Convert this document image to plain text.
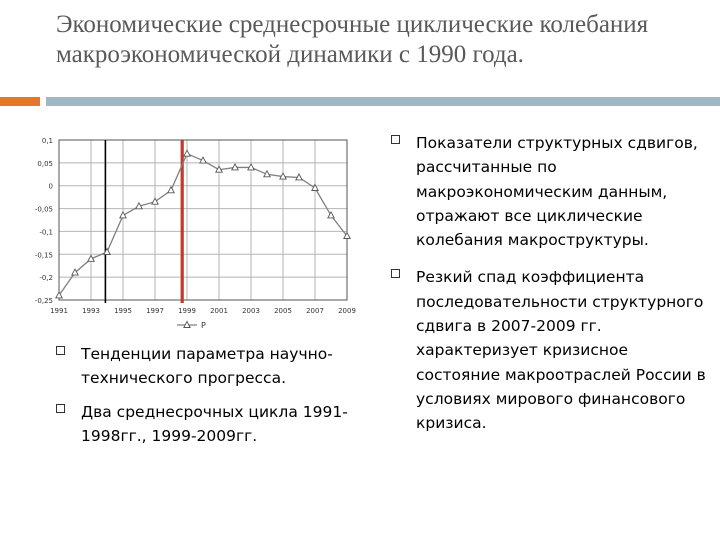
Экономические среднесрочные циклические колебания макроэкономической динамики с 1990 года.
0,1
0,05
0
-0,05
-0,1
-0,15
-0,2
-0,25
1991 1993 1995 1997 1999 2001 2003 2005 2007 2009
P
Тенденции параметра научно-технического прогресса.
Два среднесрочных цикла 1991-1998гг., 1999-2009гг.
Показатели структурных сдвигов, рассчитанные по макроэкономическим данным, отражают все циклические колебания макроструктуры.
Резкий спад коэффициента последовательности структурного сдвига в 2007-2009 гг. характеризует кризисное состояние макроотраслей России в условиях мирового финансового кризиса.
